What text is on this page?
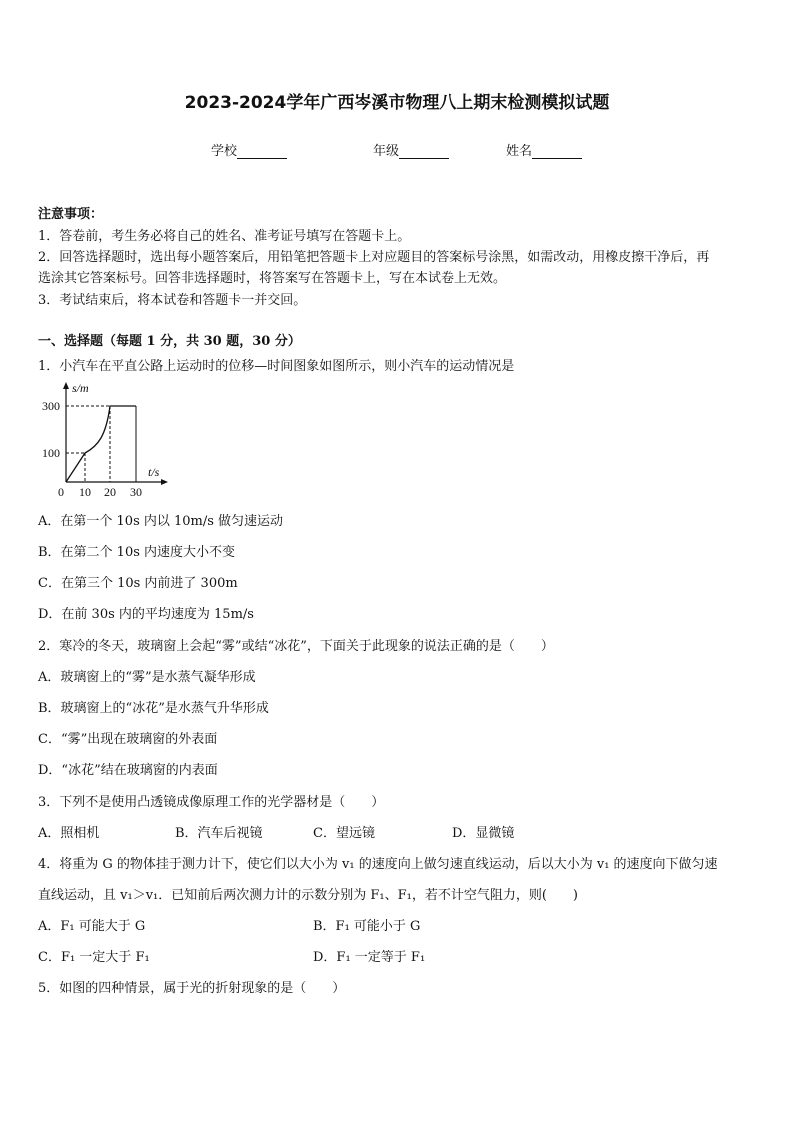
2023-2024学年广西岑溪市物理八上期末检测模拟试题
学校	年级	姓名
注意事项：
1．答卷前，考生务必将自己的姓名、准考证号填写在答题卡上。
2．回答选择题时，选出每小题答案后，用铅笔把答题卡上对应题目的答案标号涂黑，如需改动，用橡皮擦干净后，再
选涂其它答案标号。回答非选择题时，将答案写在答题卡上，写在本试卷上无效。
3．考试结束后，将本试卷和答题卡一并交回。
一、选择题（每题 1 分，共 30 题，30 分）
1．小汽车在平直公路上运动时的位移—时间图象如图所示，则小汽车的运动情况是
s/m
t/s
300
100
0 10 20 30
A．在第一个 10s 内以 10m/s 做匀速运动
B．在第二个 10s 内速度大小不变
C．在第三个 10s 内前进了 300m
D．在前 30s 内的平均速度为 15m/s
2．寒冷的冬天，玻璃窗上会起“雾”或结“冰花”，下面关于此现象的说法正确的是（　　）
A．玻璃窗上的“雾”是水蒸气凝华形成
B．玻璃窗上的“冰花”是水蒸气升华形成
C．“雾”出现在玻璃窗的外表面
D．“冰花”结在玻璃窗的内表面
3．下列不是使用凸透镜成像原理工作的光学器材是（　　）
A．照相机	B．汽车后视镜	C．望远镜	D．显微镜
4．将重为 G 的物体挂于测力计下，使它们以大小为 v₁ 的速度向上做匀速直线运动，后以大小为 v₁ 的速度向下做匀速
直线运动，且 v₁＞v₁．已知前后两次测力计的示数分别为 F₁、F₁，若不计空气阻力，则(　　)
A．F₁ 可能大于 G	B．F₁ 可能小于 G
C．F₁ 一定大于 F₁	D．F₁ 一定等于 F₁
5．如图的四种情景，属于光的折射现象的是（　　）
